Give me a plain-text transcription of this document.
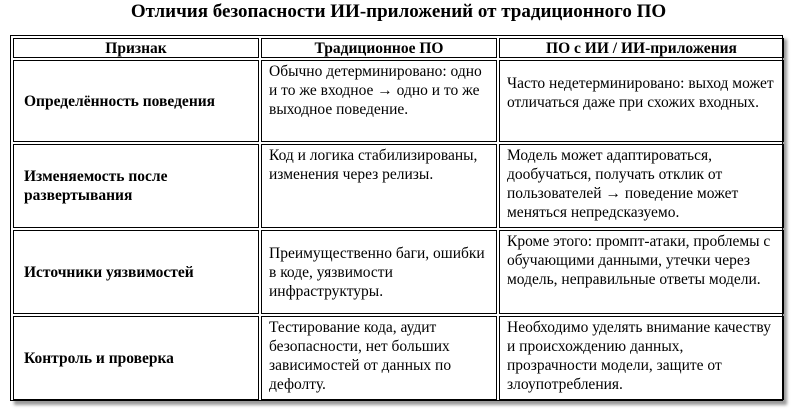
Отличия безопасности ИИ-приложений от традиционного ПО
Признак	Традиционное ПО	ПО с ИИ / ИИ-приложения
Определённость поведения	Обычно детерминировано: одно и то же входное → одно и то же выходное поведение.	Часто недетерминировано: выход может отличаться даже при схожих входных.
Изменяемость после развертывания	Код и логика стабилизированы, изменения через релизы.	Модель может адаптироваться, дообучаться, получать отклик от пользователей → поведение может меняться непредсказуемо.
Источники уязвимостей	Преимущественно баги, ошибки в коде, уязвимости инфраструктуры.	Кроме этого: промпт-атаки, проблемы с обучающими данными, утечки через модель, неправильные ответы модели.
Контроль и проверка	Тестирование кода, аудит безопасности, нет больших зависимостей от данных по дефолту.	Необходимо уделять внимание качеству и происхождению данных, прозрачности модели, защите от злоупотребления.
